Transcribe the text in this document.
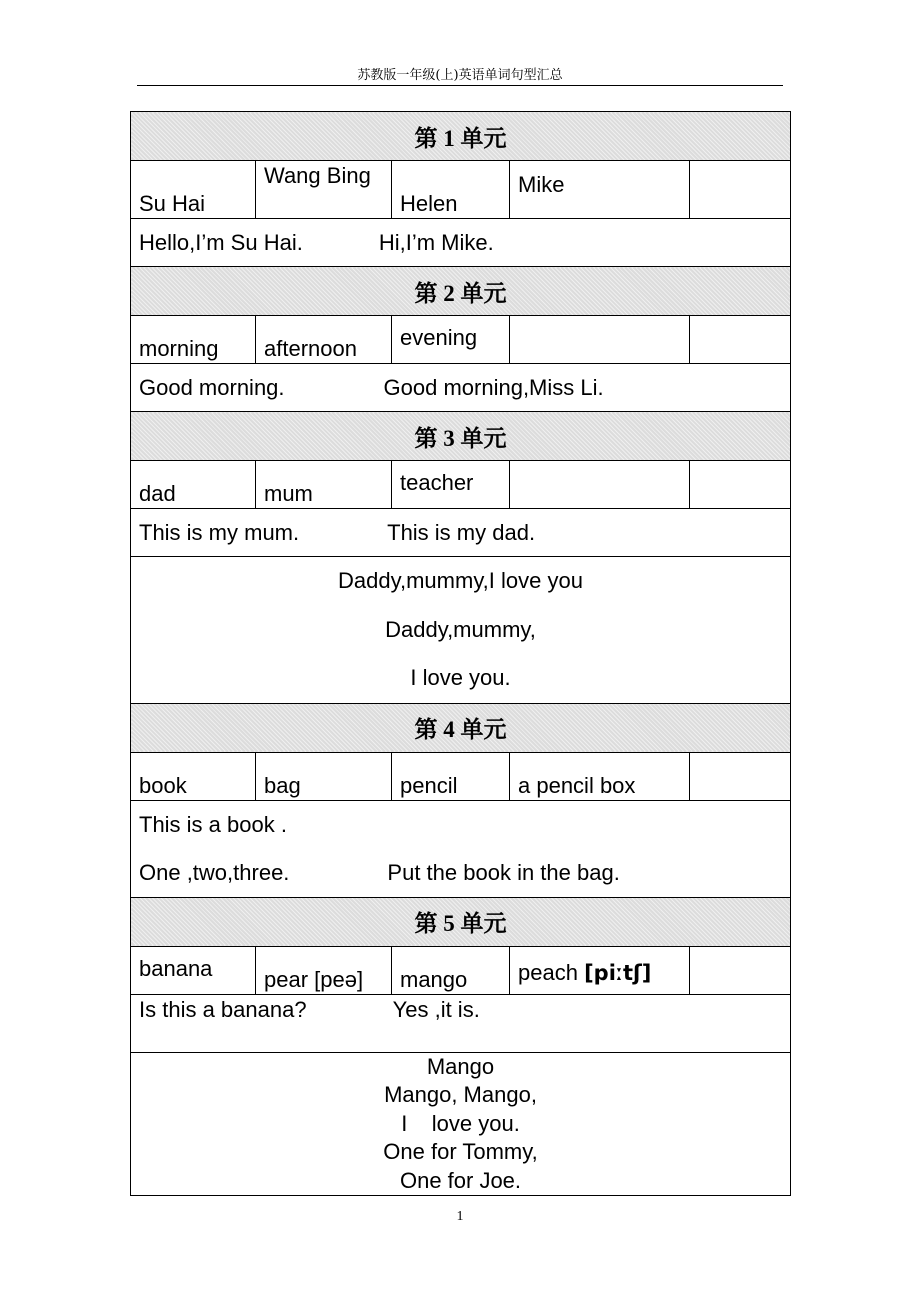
苏教版一年级(上)英语单词句型汇总
第 1 单元				
Su Hai	Wang Bing	Helen	Mike	
Hello,I’m Su Hai. Hi,I’m Mike.				
第 2 单元				
morning	afternoon	evening		
Good morning. Good morning,Miss Li.				
第 3 单元				
dad	mum	teacher		
This is my mum. This is my dad.				

Daddy,mummy,I love you
Daddy,mummy,
I love you.				

第 4 单元				
book	bag	pencil	a pencil box	

This is a book .
One ,two,three. Put the book in the bag.				

第 5 单元				
banana	pear [peə]	mango	peach [piːtʃ]	
Is this a banana? Yes ,it is.				

Mango
Mango, Mango,
I    love you.
One for Tommy,
One for Joe.				
1
